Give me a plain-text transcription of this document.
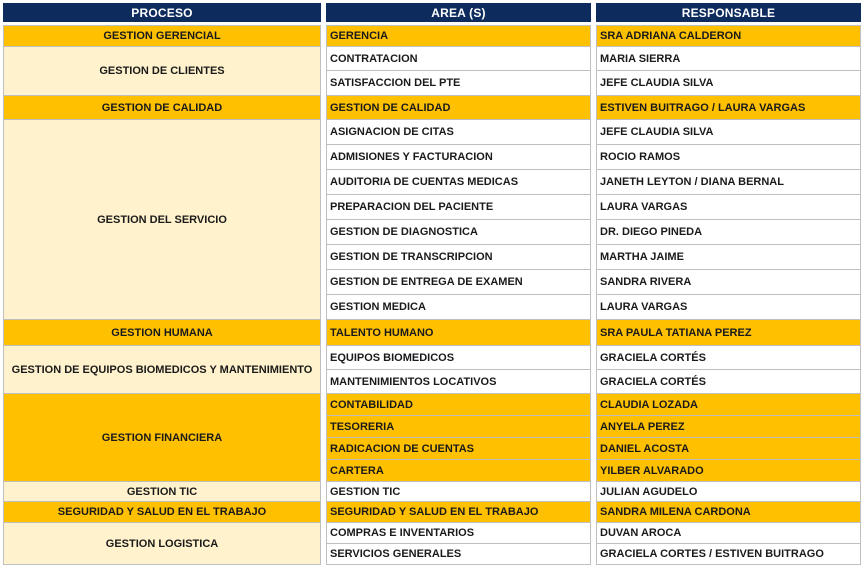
PROCESO
GESTION GERENCIAL
GESTION DE CLIENTES
GESTION DE CALIDAD
GESTION DEL SERVICIO
GESTION HUMANA
GESTION DE EQUIPOS BIOMEDICOS Y MANTENIMIENTO
GESTION FINANCIERA
GESTION TIC
SEGURIDAD Y SALUD EN EL TRABAJO
GESTION LOGISTICA
AREA (S)
GERENCIA
CONTRATACION
SATISFACCION DEL PTE
GESTION DE CALIDAD
ASIGNACION DE CITAS
ADMISIONES Y FACTURACION
AUDITORIA DE CUENTAS MEDICAS
PREPARACION DEL PACIENTE
GESTION DE DIAGNOSTICA
GESTION DE TRANSCRIPCION
GESTION DE ENTREGA DE EXAMEN
GESTION MEDICA
TALENTO HUMANO
EQUIPOS BIOMEDICOS
MANTENIMIENTOS LOCATIVOS
CONTABILIDAD
TESORERIA
RADICACION DE CUENTAS
CARTERA
GESTION TIC
SEGURIDAD Y SALUD EN EL TRABAJO
COMPRAS E INVENTARIOS
SERVICIOS GENERALES
RESPONSABLE
SRA ADRIANA CALDERON
MARIA SIERRA
JEFE CLAUDIA SILVA
ESTIVEN BUITRAGO / LAURA VARGAS
JEFE CLAUDIA SILVA
ROCIO RAMOS
JANETH LEYTON / DIANA BERNAL
LAURA VARGAS
DR. DIEGO PINEDA
MARTHA JAIME
SANDRA RIVERA
LAURA VARGAS
SRA PAULA TATIANA PEREZ
GRACIELA CORTÉS
GRACIELA CORTÉS
CLAUDIA LOZADA
ANYELA PEREZ
DANIEL ACOSTA
YILBER ALVARADO
JULIAN AGUDELO
SANDRA MILENA CARDONA
DUVAN AROCA
GRACIELA CORTES / ESTIVEN BUITRAGO
